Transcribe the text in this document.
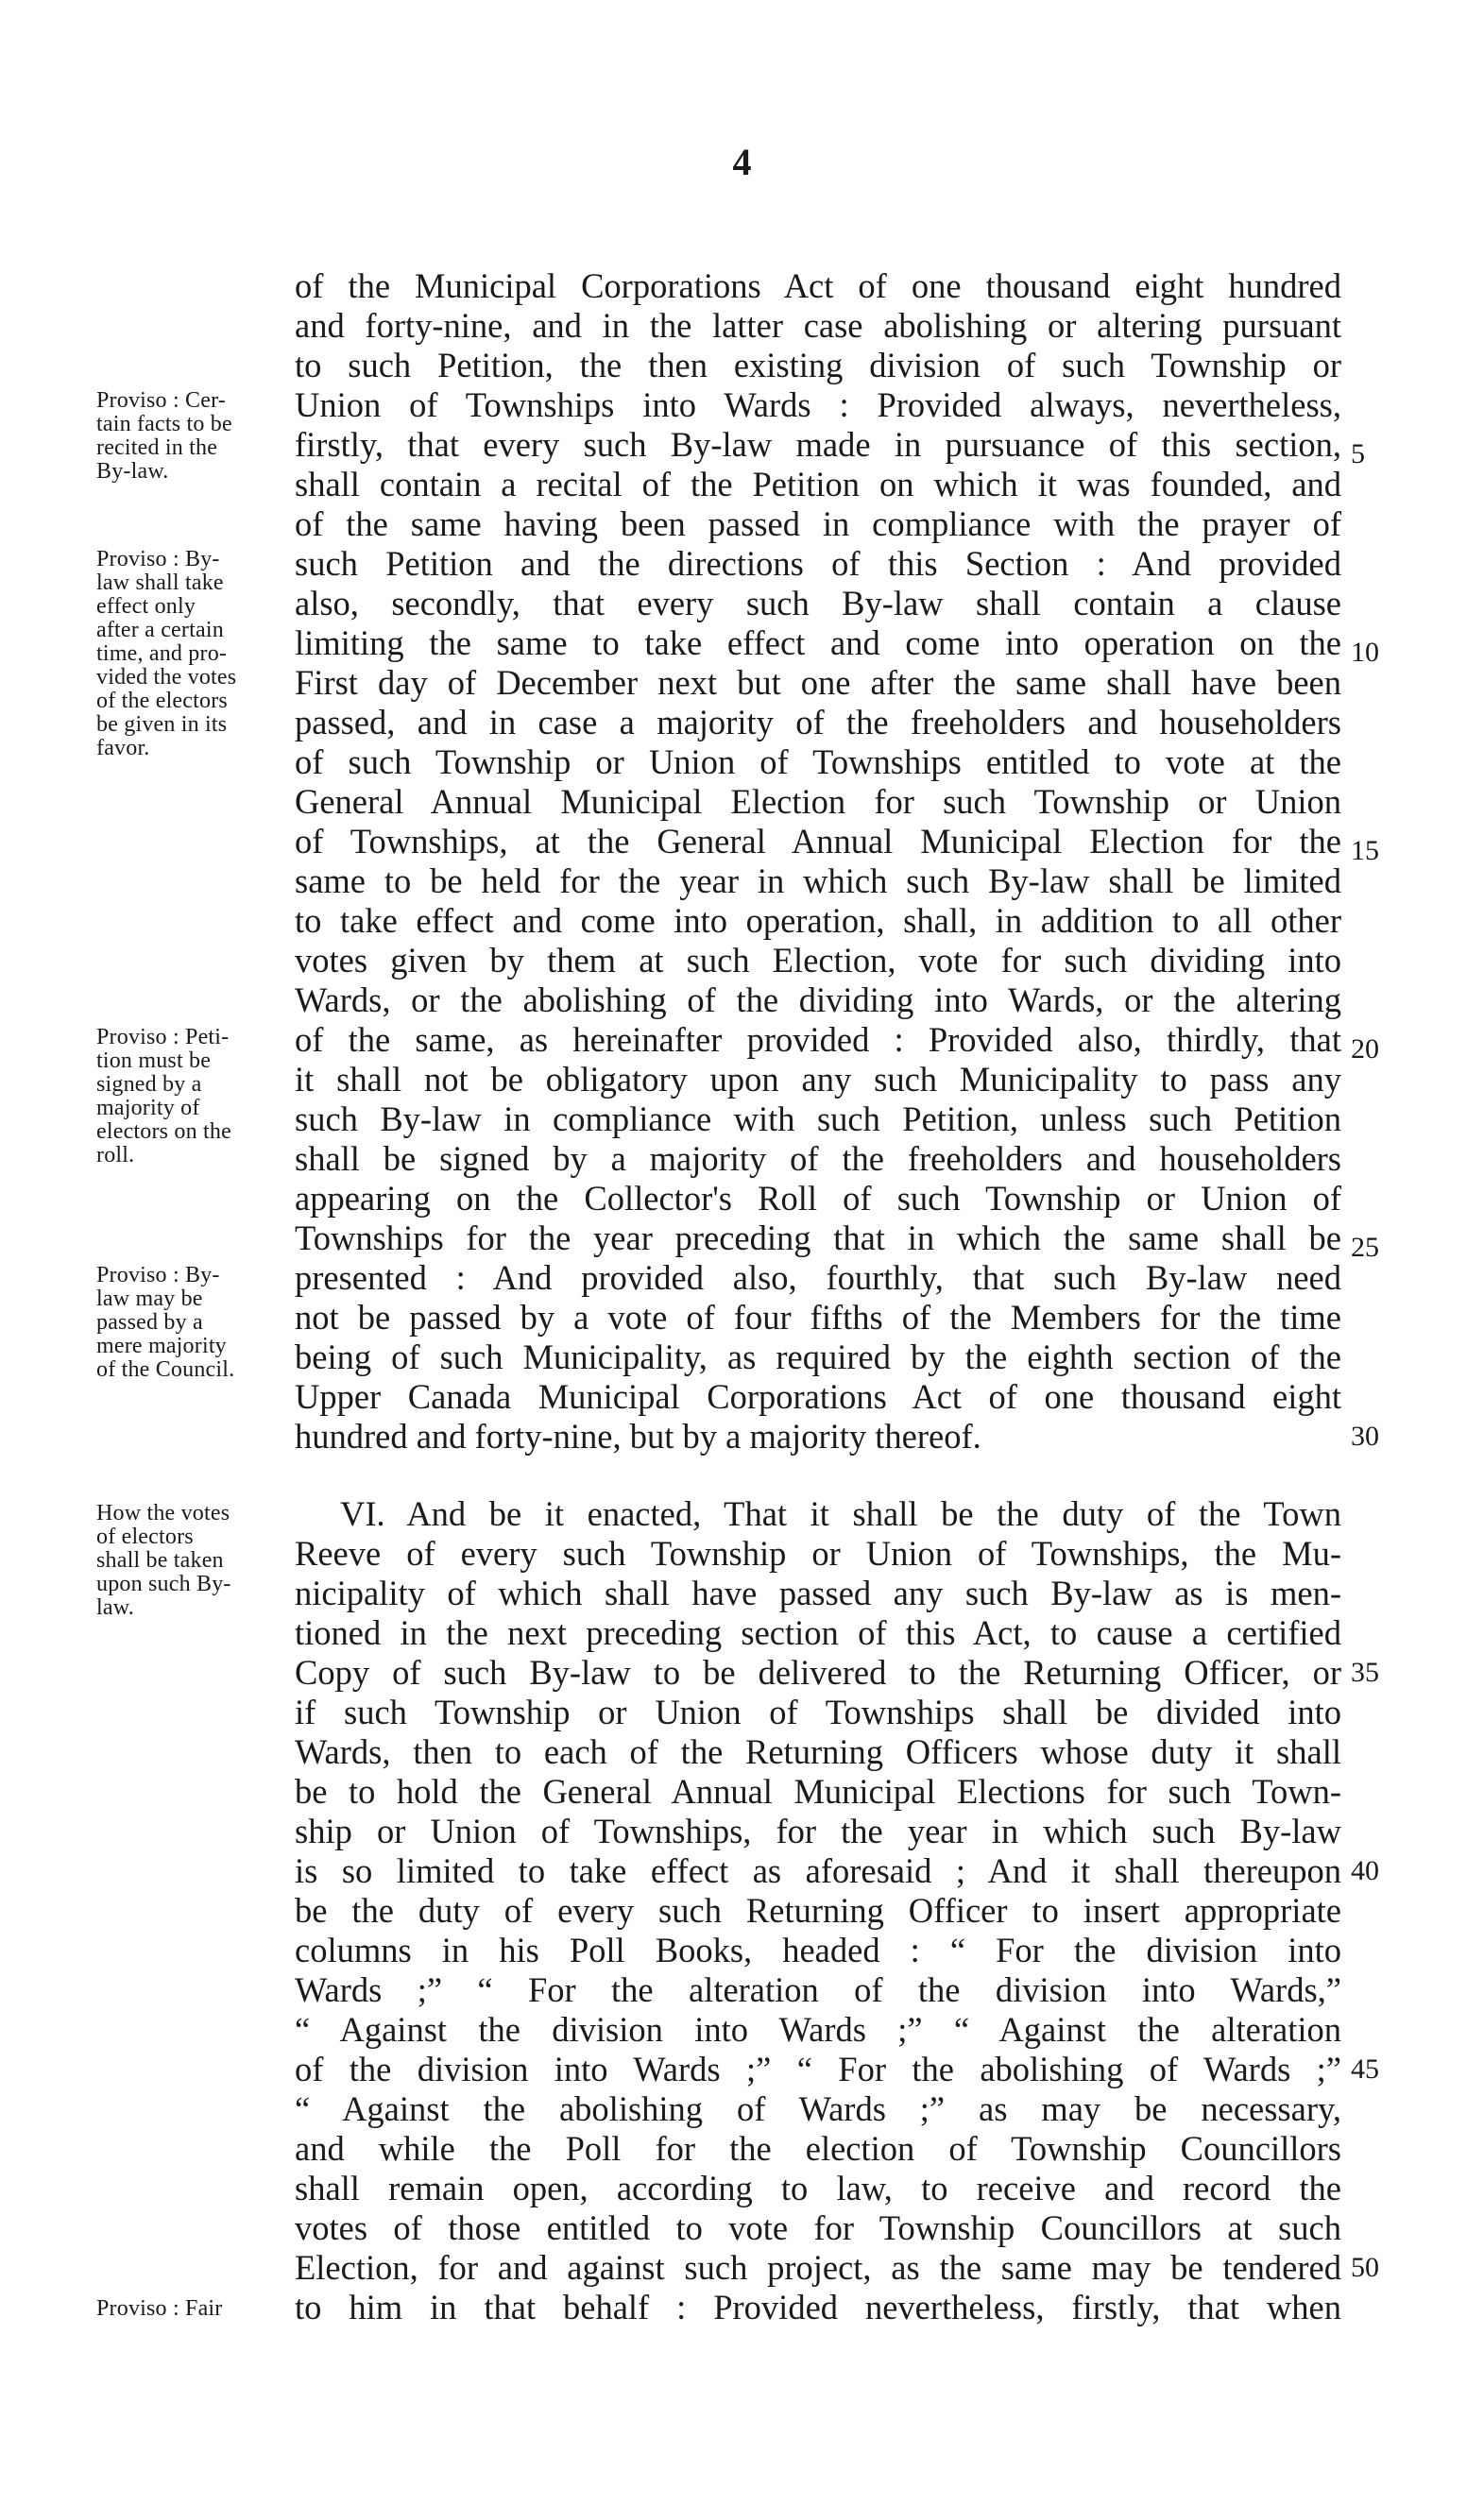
4
of the Municipal Corporations Act of one thousand eight hundred
and forty-nine, and in the latter case abolishing or altering pursuant
to such Petition, the then existing division of such Township or
Union of Townships into Wards : Provided always, nevertheless,
firstly, that every such By-law made in pursuance of this section,
shall contain a recital of the Petition on which it was founded, and
of the same having been passed in compliance with the prayer of
such Petition and the directions of this Section : And provided
also, secondly, that every such By-law shall contain a clause
limiting the same to take effect and come into operation on the
First day of December next but one after the same shall have been
passed, and in case a majority of the freeholders and householders
of such Township or Union of Townships entitled to vote at the
General Annual Municipal Election for such Township or Union
of Townships, at the General Annual Municipal Election for the
same to be held for the year in which such By-law shall be limited
to take effect and come into operation, shall, in addition to all other
votes given by them at such Election, vote for such dividing into
Wards, or the abolishing of the dividing into Wards, or the altering
of the same, as hereinafter provided : Provided also, thirdly, that
it shall not be obligatory upon any such Municipality to pass any
such By-law in compliance with such Petition, unless such Petition
shall be signed by a majority of the freeholders and householders
appearing on the Collector's Roll of such Township or Union of
Townships for the year preceding that in which the same shall be
presented : And provided also, fourthly, that such By-law need
not be passed by a vote of four fifths of the Members for the time
being of such Municipality, as required by the eighth section of the
Upper Canada Municipal Corporations Act of one thousand eight
hundred and forty-nine, but by a majority thereof.
VI. And be it enacted, That it shall be the duty of the Town
Reeve of every such Township or Union of Townships, the Mu-
nicipality of which shall have passed any such By-law as is men-
tioned in the next preceding section of this Act, to cause a certified
Copy of such By-law to be delivered to the Returning Officer, or
if such Township or Union of Townships shall be divided into
Wards, then to each of the Returning Officers whose duty it shall
be to hold the General Annual Municipal Elections for such Town-
ship or Union of Townships, for the year in which such By-law
is so limited to take effect as aforesaid ; And it shall thereupon
be the duty of every such Returning Officer to insert appropriate
columns in his Poll Books, headed : “ For the division into
Wards ;” “ For the alteration of the division into Wards,”
“ Against the division into Wards ;” “ Against the alteration
of the division into Wards ;” “ For the abolishing of Wards ;”
“ Against the abolishing of Wards ;” as may be necessary,
and while the Poll for the election of Township Councillors
shall remain open, according to law, to receive and record the
votes of those entitled to vote for Township Councillors at such
Election, for and against such project, as the same may be tendered
to him in that behalf : Provided nevertheless, firstly, that when
5
10
15
20
25
30
35
40
45
50
Proviso : Cer-
tain facts to be
recited in the
By-law.
Proviso : By-
law shall take
effect only
after a certain
time, and pro-
vided the votes
of the electors
be given in its
favor.
Proviso : Peti-
tion must be
signed by a
majority of
electors on the
roll.
Proviso : By-
law may be
passed by a
mere majority
of the Council.
How the votes
of electors
shall be taken
upon such By-
law.
Proviso : Fair
